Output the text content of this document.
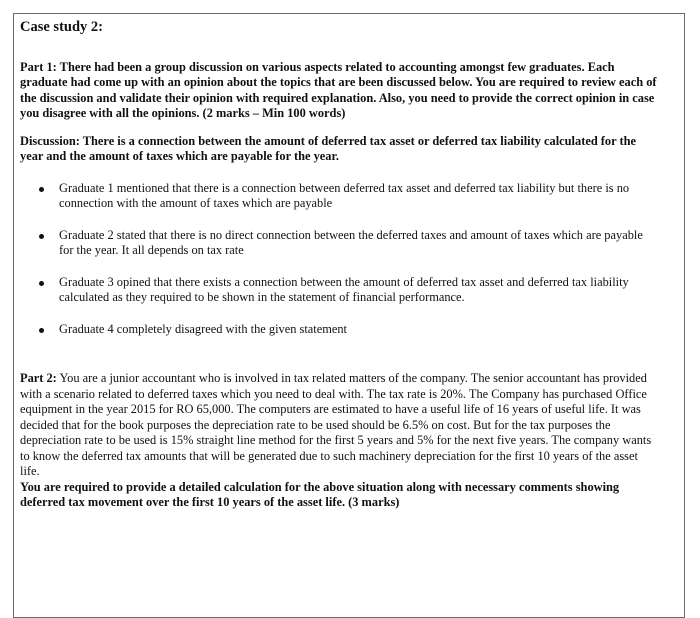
Case study 2:
Part 1: There had been a group discussion on various aspects related to accounting amongst few graduates. Each graduate had come up with an opinion about the topics that are been discussed below. You are required to review each of the discussion and validate their opinion with required explanation. Also, you need to provide the correct opinion in case you disagree with all the opinions. (2 marks – Min 100 words)
Discussion: There is a connection between the amount of deferred tax asset or deferred tax liability calculated for the year and the amount of taxes which are payable for the year.
Graduate 1 mentioned that there is a connection between deferred tax asset and deferred tax liability but there is no connection with the amount of taxes which are payable
Graduate 2 stated that there is no direct connection between the deferred taxes and amount of taxes which are payable for the year. It all depends on tax rate
Graduate 3 opined that there exists a connection between the amount of deferred tax asset and deferred tax liability calculated as they required to be shown in the statement of financial performance.
Graduate 4 completely disagreed with the given statement
Part 2: You are a junior accountant who is involved in tax related matters of the company. The senior accountant has provided with a scenario related to deferred taxes which you need to deal with. The tax rate is 20%. The Company has purchased Office equipment in the year 2015 for RO 65,000. The computers are estimated to have a useful life of 16 years of useful life. It was decided that for the book purposes the depreciation rate to be used should be 6.5% on cost. But for the tax purposes the depreciation rate to be used is 15% straight line method for the first 5 years and 5% for the next five years. The company wants to know the deferred tax amounts that will be generated due to such machinery depreciation for the first 10 years of the asset life.
You are required to provide a detailed calculation for the above situation along with necessary comments showing deferred tax movement over the first 10 years of the asset life. (3 marks)
